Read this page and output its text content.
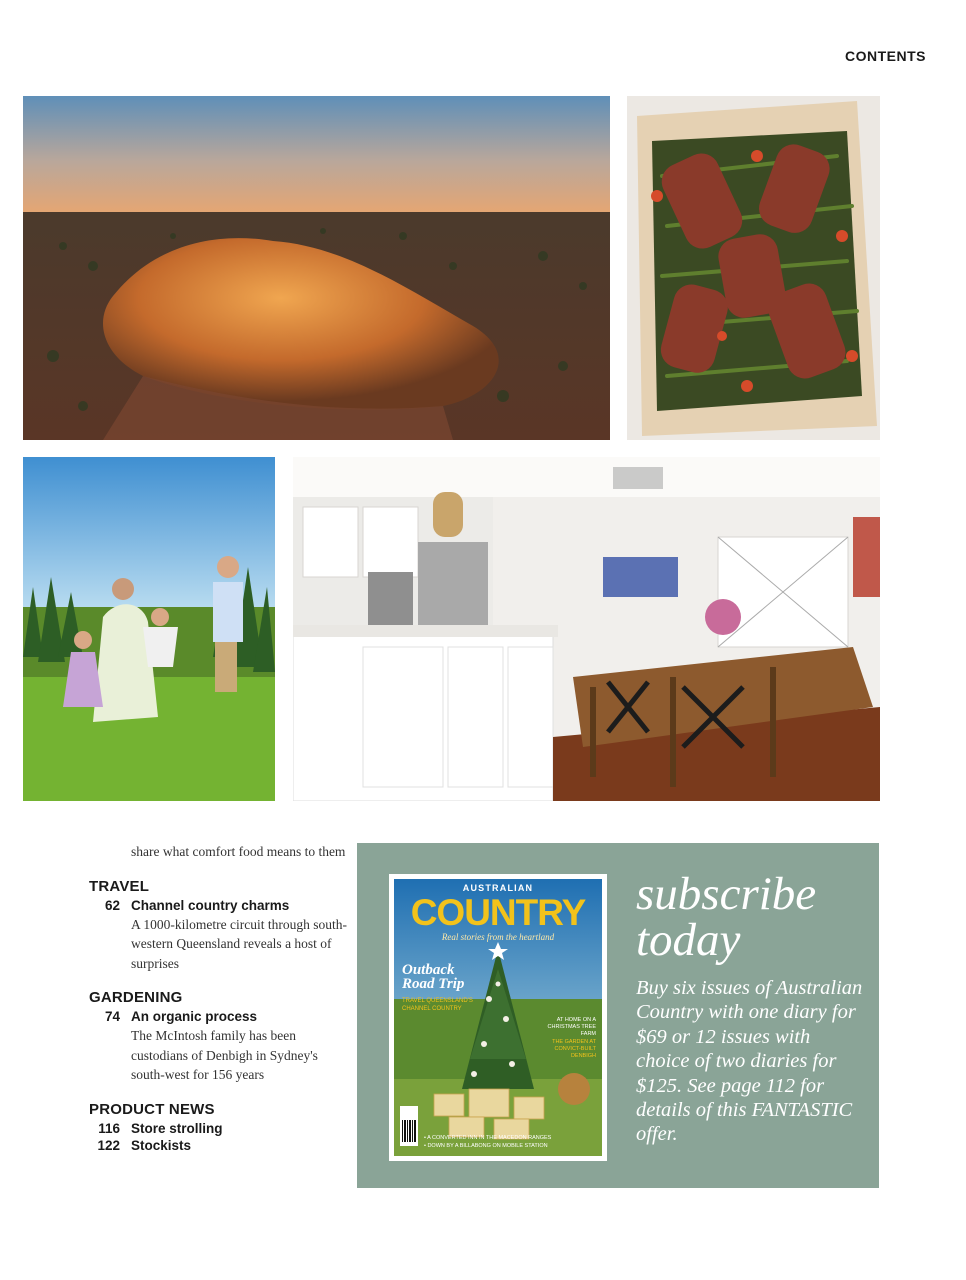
CONTENTS
share what comfort food means to them
TRAVEL
62 Channel country charms
A 1000-kilometre circuit through south-western Queensland reveals a host of surprises
GARDENING
74 An organic process
The McIntosh family has been custodians of Denbigh in Sydney's south-west for 156 years
PRODUCT NEWS
116 Store strolling
122 Stockists
AUSTRALIAN
COUNTRY
Real stories from the heartland
Outback
Road Trip
TRAVEL QUEENSLAND'S CHANNEL COUNTRY
AT HOME ON A CHRISTMAS TREE FARM
THE GARDEN AT CONVICT-BUILT DENBIGH
• A CONVERTED INN IN THE MACEDON RANGES
• DOWN BY A BILLABONG ON MOBILE STATION
subscribe
today
Buy six issues of Australian Country with one diary for $69 or 12 issues with choice of two diaries for $125. See page 112 for details of this FANTASTIC offer.
